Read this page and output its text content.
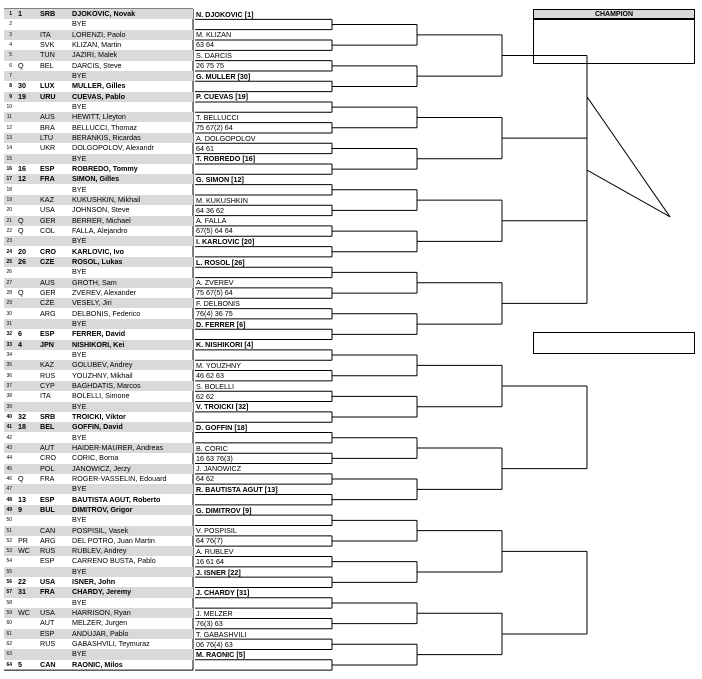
1 1	SRB DJOKOVIC, Novak
2	BYE
3	ITA	LORENZI, Paolo
4	SVK KLIZAN, Martin
5	TUN JAZIRI, Malek
6 Q BEL	DARCIS, Steve
7	BYE
8 30 LUX MULLER, Gilles
9 19 URU CUEVAS, Pablo
10	BYE
11	AUS HEWITT, Lleyton
12	BRA BELLUCCI, Thomaz
13	LTU	BERANKIS, Ricardas
14	UKR DOLGOPOLOV, Alexandr
15	BYE
16 16 ESP ROBREDO, Tommy
17 12 FRA SIMON, Gilles
18	BYE
19	KAZ	KUKUSHKIN, Mikhail
20	USA JOHNSON, Steve
21 Q GER BERRER, Michael
22 Q COL FALLA, Alejandro
23	BYE
24 20 CRO KARLOVIC, Ivo
25 26 CZE ROSOL, Lukas
26	BYE
27	AUS GROTH, Sam
28 Q GER ZVEREV, Alexander
29	CZE VESELY, Jiri
30	ARG DELBONIS, Federico
31	BYE
32 6	ESP FERRER, David
33 4	JPN	NISHIKORI, Kei
34	BYE
35	KAZ	GOLUBEV, Andrey
36	RUS YOUZHNY, Mikhail
37	CYP BAGHDATIS, Marcos
38	ITA	BOLELLI, Simone
39	BYE
40 32 SRB TROICKI, Viktor
41 18 BEL GOFFIN, David
42	BYE
43	AUT HAIDER-MAURER, Andreas
44	CRO CORIC, Borna
45	POL JANOWICZ, Jerzy
46 Q FRA ROGER-VASSELIN, Edouard
47	BYE
48 13 ESP BAUTISTA AGUT, Roberto
49 9	BUL DIMITROV, Grigor
50	BYE
51	CAN POSPISIL, Vasek
52 PR ARG DEL POTRO, Juan Martin
53 WC RUS RUBLEV, Andrey
54	ESP CARRENO BUSTA, Pablo
55	BYE
56 22 USA ISNER, John
57 31 FRA CHARDY, Jeremy
58	BYE
59 WC USA HARRISON, Ryan
60	AUT MELZER, Jurgen
61	ESP ANDUJAR, Pablo
62	RUS GABASHVILI, Teymuraz
63	BYE
64 5	CAN RAONIC, Milos
N. DJOKOVIC [1]
M. KLIZAN
63 64
S. DARCIS
26 75 75
G. MULLER [30]
P. CUEVAS [19]
T. BELLUCCI
75 67(2) 64
A. DOLGOPOLOV
64 61
T. ROBREDO [16]
G. SIMON [12]
M. KUKUSHKIN
64 36 62
A. FALLA
67(5) 64 64
I. KARLOVIC [20]
L. ROSOL [26]
A. ZVEREV
75 67(5) 64
F. DELBONIS
76(4) 36 75
D. FERRER [6]
K. NISHIKORI [4]
M. YOUZHNY
46 62 63
S. BOLELLI
62 62
V. TROICKI [32]
D. GOFFIN [18]
B. CORIC
16 63 76(3)
J. JANOWICZ
64 62
R. BAUTISTA AGUT [13]
G. DIMITROV [9]
V. POSPISIL
64 76(7)
A. RUBLEV
16 61 64
J. ISNER [22]
J. CHARDY [31]
J. MELZER
76(3) 63
T. GABASHVILI
06 76(4) 63
M. RAONIC [5]
CHAMPION
